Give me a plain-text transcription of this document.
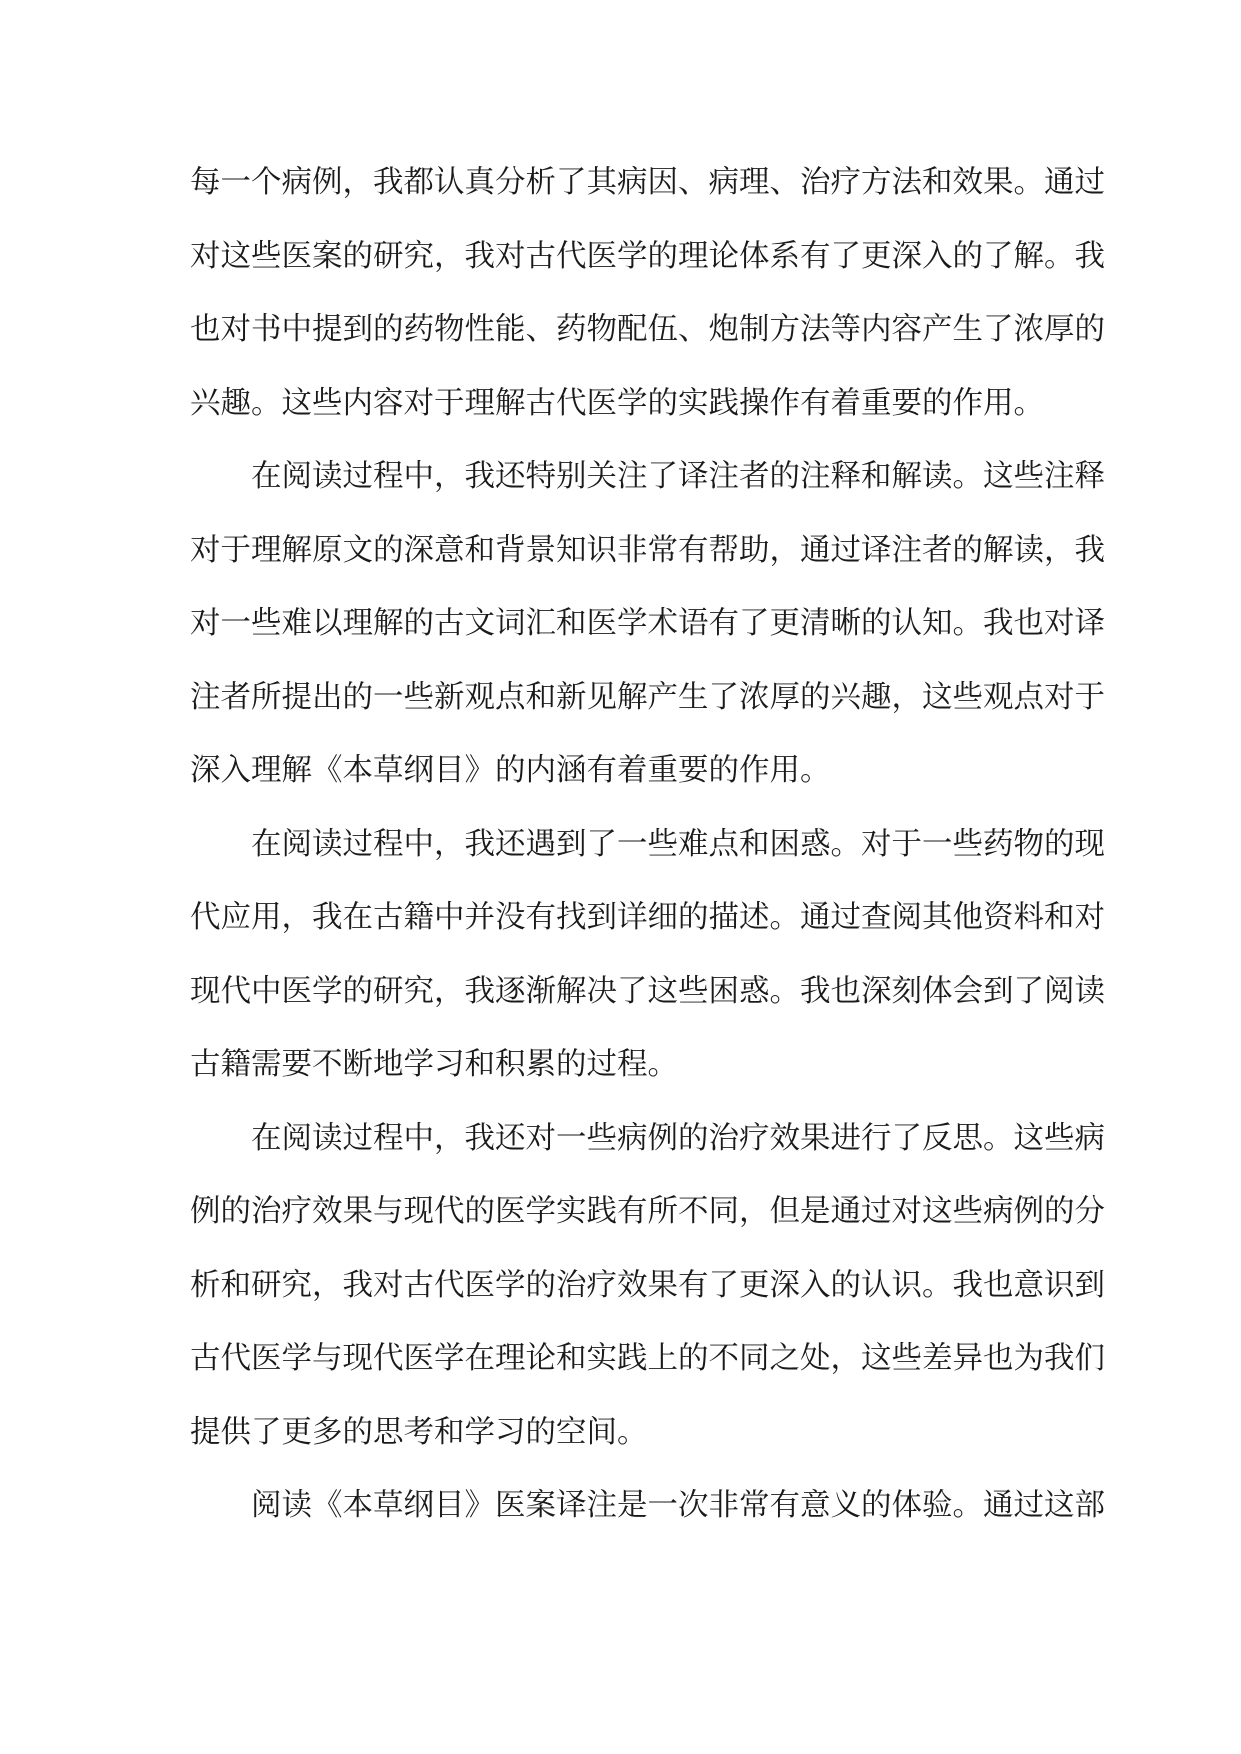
每一个病例，我都认真分析了其病因、病理、治疗方法和效果。通过
对这些医案的研究，我对古代医学的理论体系有了更深入的了解。我
也对书中提到的药物性能、药物配伍、炮制方法等内容产生了浓厚的
兴趣。这些内容对于理解古代医学的实践操作有着重要的作用。
在阅读过程中，我还特别关注了译注者的注释和解读。这些注释
对于理解原文的深意和背景知识非常有帮助，通过译注者的解读，我
对一些难以理解的古文词汇和医学术语有了更清晰的认知。我也对译
注者所提出的一些新观点和新见解产生了浓厚的兴趣，这些观点对于
深入理解《本草纲目》的内涵有着重要的作用。
在阅读过程中，我还遇到了一些难点和困惑。对于一些药物的现
代应用，我在古籍中并没有找到详细的描述。通过查阅其他资料和对
现代中医学的研究，我逐渐解决了这些困惑。我也深刻体会到了阅读
古籍需要不断地学习和积累的过程。
在阅读过程中，我还对一些病例的治疗效果进行了反思。这些病
例的治疗效果与现代的医学实践有所不同，但是通过对这些病例的分
析和研究，我对古代医学的治疗效果有了更深入的认识。我也意识到
古代医学与现代医学在理论和实践上的不同之处，这些差异也为我们
提供了更多的思考和学习的空间。
阅读《本草纲目》医案译注是一次非常有意义的体验。通过这部
